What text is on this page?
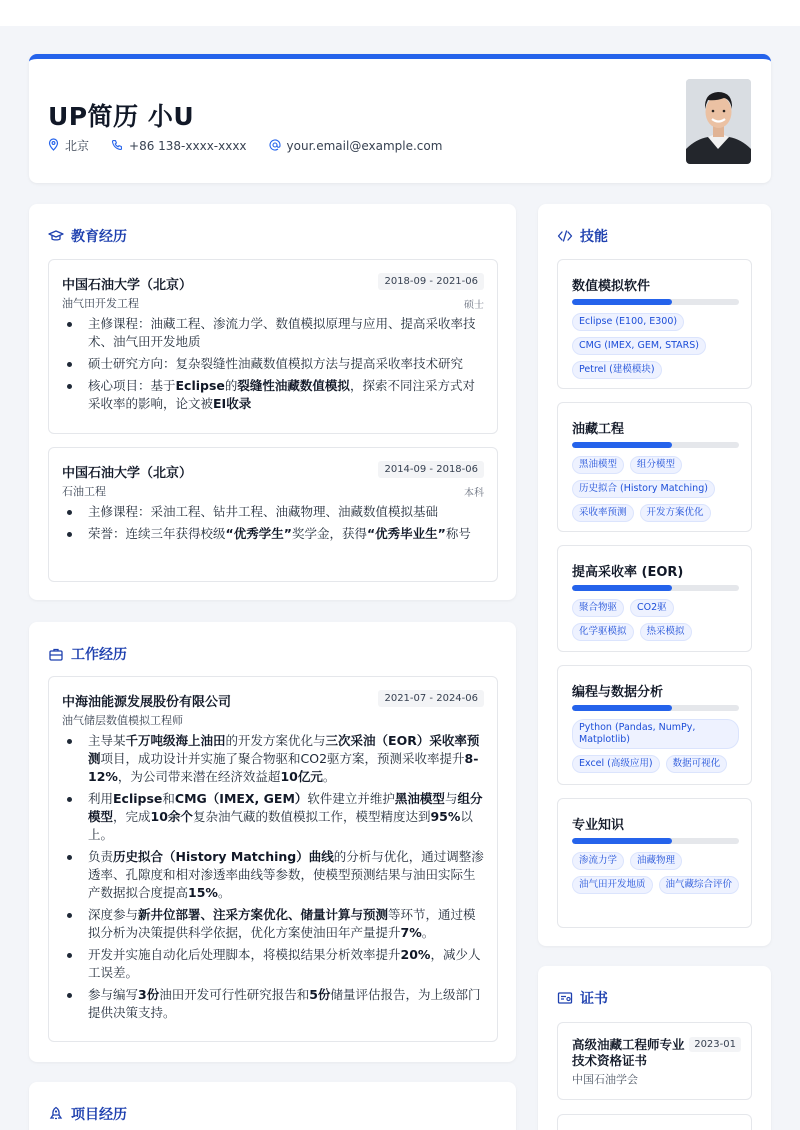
UP简历 小U
北京	+86 138-xxxx-xxxx	your.email@example.com
教育经历
中国石油大学（北京）	2018-09 - 2021-06
油气田开发工程	硕士
主修课程：油藏工程、渗流力学、数值模拟原理与应用、提高采收率技术、油气田开发地质
硕士研究方向：复杂裂缝性油藏数值模拟方法与提高采收率技术研究
核心项目：基于Eclipse的裂缝性油藏数值模拟，探索不同注采方式对采收率的影响，论文被EI收录
中国石油大学（北京）	2014-09 - 2018-06
石油工程	本科
主修课程：采油工程、钻井工程、油藏物理、油藏数值模拟基础
荣誉：连续三年获得校级“优秀学生”奖学金，获得“优秀毕业生”称号
工作经历
中海油能源发展股份有限公司	2021-07 - 2024-06
油气储层数值模拟工程师
主导某千万吨级海上油田的开发方案优化与三次采油（EOR）采收率预测项目，成功设计并实施了聚合物驱和CO2驱方案，预测采收率提升8-12%，为公司带来潜在经济效益超10亿元。
利用Eclipse和CMG（IMEX, GEM）软件建立并维护黑油模型与组分模型，完成10余个复杂油气藏的数值模拟工作，模型精度达到95%以上。
负责历史拟合（History Matching）曲线的分析与优化，通过调整渗透率、孔隙度和相对渗透率曲线等参数，使模型预测结果与油田实际生产数据拟合度提高15%。
深度参与新井位部署、注采方案优化、储量计算与预测等环节，通过模拟分析为决策提供科学依据，优化方案使油田年产量提升7%。
开发并实施自动化后处理脚本，将模拟结果分析效率提升20%，减少人工误差。
参与编写3份油田开发可行性研究报告和5份储量评估报告，为上级部门提供决策支持。
项目经历
技能
数值模拟软件
Eclipse (E100, E300)
CMG (IMEX, GEM, STARS)
Petrel (建模模块)
油藏工程
黑油模型	组分模型
历史拟合 (History Matching)
采收率预测	开发方案优化
提高采收率 (EOR)
聚合物驱	CO2驱
化学驱模拟	热采模拟
编程与数据分析
Python (Pandas, NumPy, Matplotlib)
Excel (高级应用)	数据可视化
专业知识
渗流力学	油藏物理
油气田开发地质	油气藏综合评价
证书
高级油藏工程师专业技术资格证书
2023-01
中国石油学会
